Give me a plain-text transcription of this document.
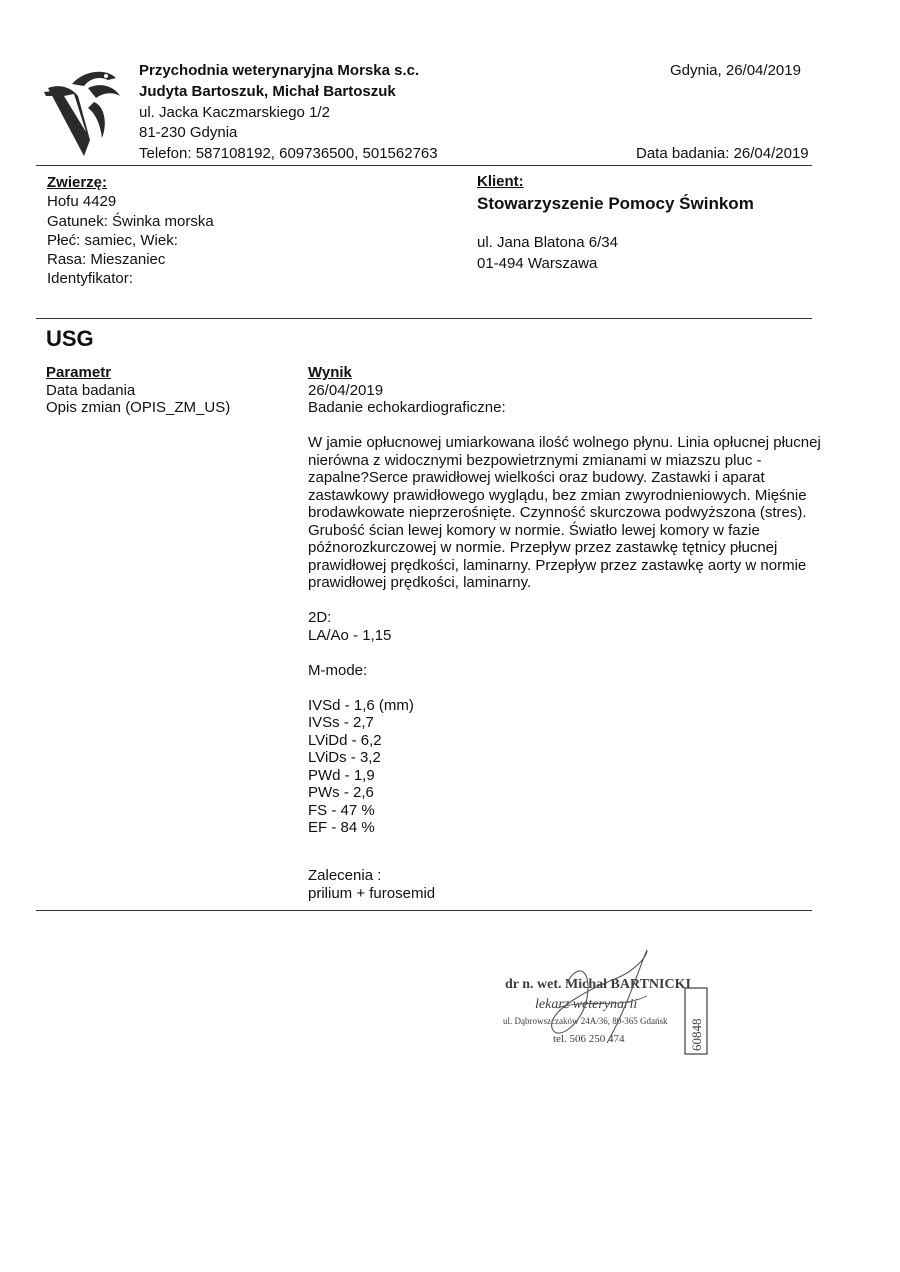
Przychodnia weterynaryjna Morska s.c.
Judyta Bartoszuk, Michał Bartoszuk
ul. Jacka Kaczmarskiego 1/2
81-230 Gdynia
Telefon: 587108192, 609736500, 501562763
Gdynia, 26/04/2019
Data badania: 26/04/2019
Zwierzę:
Hofu 4429
Gatunek: Świnka morska
Płeć: samiec, Wiek:
Rasa: Mieszaniec
Identyfikator:
Klient:
Stowarzyszenie Pomocy Świnkom
ul. Jana Blatona 6/34
01-494 Warszawa
USG
Parametr
Data badania
Opis zmian (OPIS_ZM_US)
Wynik
26/04/2019
Badanie echokardiograficzne:
W jamie opłucnowej umiarkowana ilość wolnego płynu. Linia opłucnej płucnej
nierówna z widocznymi bezpowietrznymi zmianami w miazszu pluc -
zapalne?Serce prawidłowej wielkości oraz budowy. Zastawki i aparat
zastawkowy prawidłowego wyglądu, bez zmian zwyrodnieniowych. Mięśnie
brodawkowate nieprzerośnięte. Czynność skurczowa podwyższona (stres).
Grubość ścian lewej komory w normie. Światło lewej komory w fazie
późnorozkurczowej w normie. Przepływ przez zastawkę tętnicy płucnej
prawidłowej prędkości, laminarny. Przepływ przez zastawkę aorty w normie
prawidłowej prędkości, laminarny.
2D:
LA/Ao - 1,15
M-mode:
IVSd - 1,6 (mm)
IVSs - 2,7
LViDd - 6,2
LViDs - 3,2
PWd - 1,9
PWs - 2,6
FS - 47 %
EF - 84 %
Zalecenia :
prilium + furosemid
dr n. wet. Michał BARTNICKI
lekarz weterynarii
ul. Dąbrowszczaków 24A/36, 80-365 Gdańsk
tel. 506 250 474	60848
